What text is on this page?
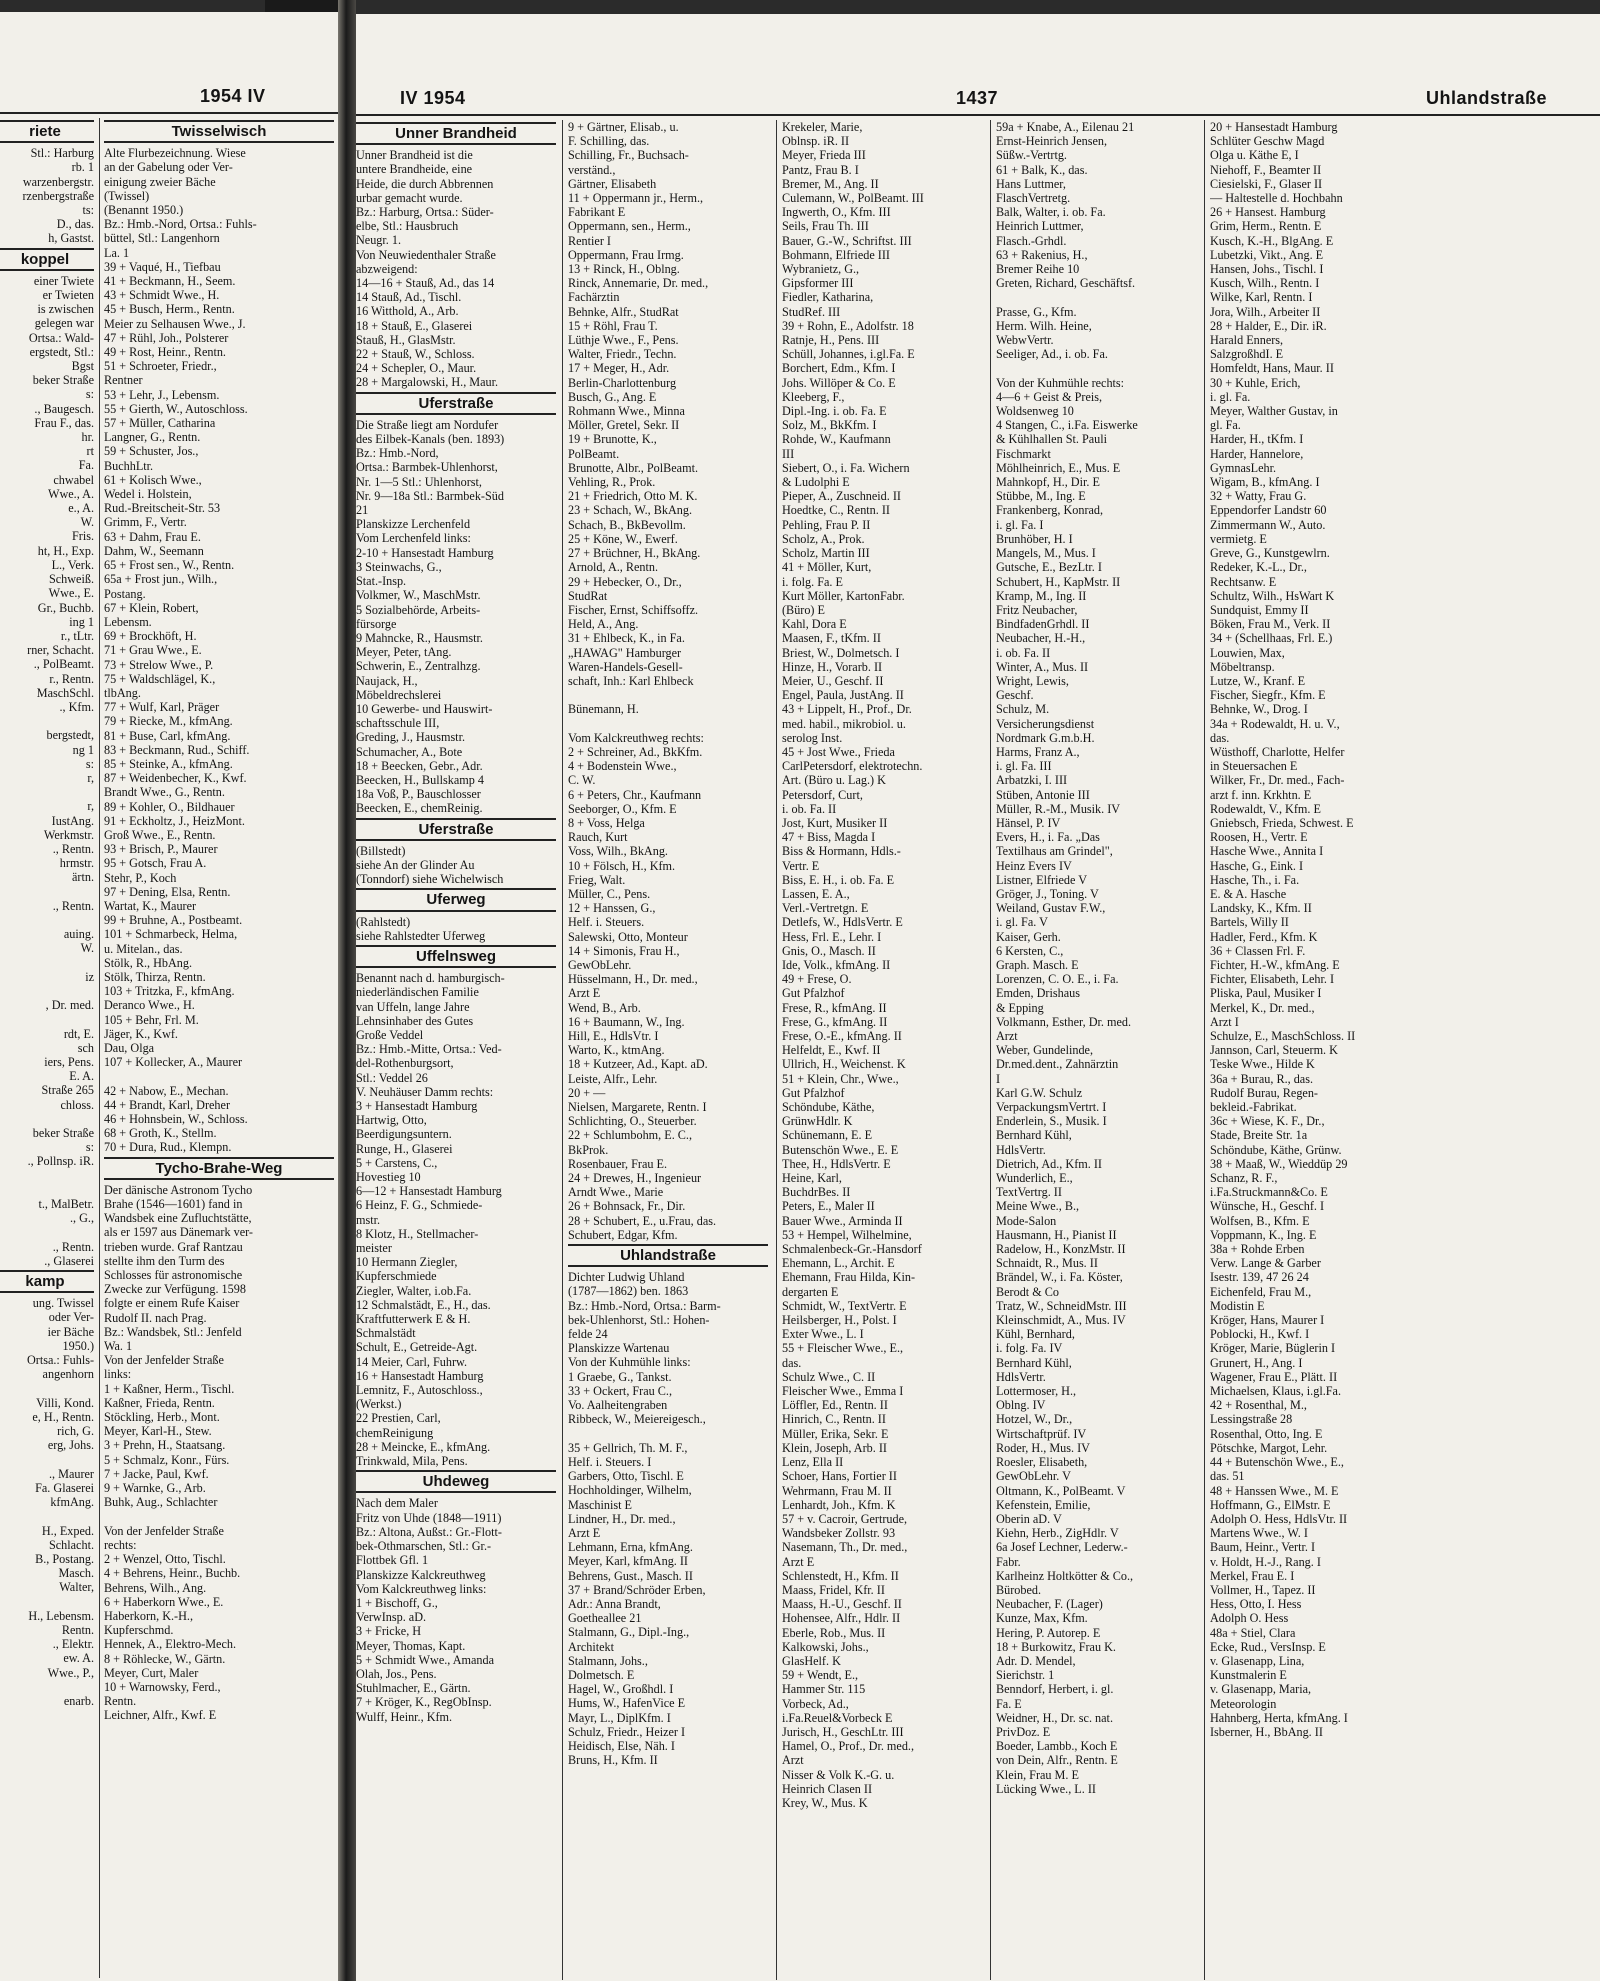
1954 IV
riete
Stl.: Harburg
rb. 1
warzenbergstr.
rzenbergstraße
ts:
D., das.
h, Gastst.
koppel
einer Twiete
er Twieten
is zwischen
gelegen war
Ortsa.: Wald-
ergstedt, Stl.:
Bgst
beker Straße
s:
., Baugesch.
Frau F., das.
hr.
rt
Fa.
chwabel
Wwe., A.
e., A.
W.
Fris.
ht, H., Exp.
L., Verk.
Schweiß.
Wwe., E.
Gr., Buchb.
ing 1
r., tLtr.
rner, Schacht.
., PolBeamt.
r., Rentn.
MaschSchl.
., Kfm.

bergstedt,
ng 1
s:
r,

r,
IustAng.
Werkmstr.
., Rentn.
hrmstr.
ärtn.

., Rentn.

auing.
W.

iz

, Dr. med.

rdt, E.
sch
iers, Pens.
E. A.
Straße 265
chloss.

beker Straße
s:
., Pollnsp. iR.

t., MalBetr.
., G.,

., Rentn.
., Glaserei
kamp
ung. Twissel
oder Ver-
ier Bäche
1950.)
Ortsa.: Fuhls-
angenhorn

Villi, Kond.
e, H., Rentn.
rich, G.
erg, Johs.

., Maurer
Fa. Glaserei
kfmAng.

H., Exped.
Schlacht.
B., Postang.
Masch.
Walter,

H., Lebensm.
Rentn.
., Elektr.
ew. A.
Wwe., P.,

enarb.
Twisselwisch
Alte Flurbezeichnung. Wiese
an der Gabelung oder Ver-
einigung zweier Bäche
(Twissel)
(Benannt 1950.)
Bz.: Hmb.-Nord, Ortsa.: Fuhls-
büttel, Stl.: Langenhorn
La. 1
39 + Vaqué, H., Tiefbau
41 + Beckmann, H., Seem.
43 + Schmidt Wwe., H.
45 + Busch, Herm., Rentn.
Meier zu Selhausen Wwe., J.
47 + Rühl, Joh., Polsterer
49 + Rost, Heinr., Rentn.
51 + Schroeter, Friedr.,
Rentner
53 + Lehr, J., Lebensm.
55 + Gierth, W., Autoschloss.
57 + Müller, Catharina
Langner, G., Rentn.
59 + Schuster, Jos.,
BuchhLtr.
61 + Kolisch Wwe.,
Wedel i. Holstein,
Rud.-Breitscheit-Str. 53
Grimm, F., Vertr.
63 + Dahm, Frau E.
Dahm, W., Seemann
65 + Frost sen., W., Rentn.
65a + Frost jun., Wilh.,
Postang.
67 + Klein, Robert,
Lebensm.
69 + Brockhöft, H.
71 + Grau Wwe., E.
73 + Strelow Wwe., P.
75 + Waldschlägel, K.,
tlbAng.
77 + Wulf, Karl, Präger
79 + Riecke, M., kfmAng.
81 + Buse, Carl, kfmAng.
83 + Beckmann, Rud., Schiff.
85 + Steinke, A., kfmAng.
87 + Weidenbecher, K., Kwf.
Brandt Wwe., G., Rentn.
89 + Kohler, O., Bildhauer
91 + Eckholtz, J., HeizMont.
Groß Wwe., E., Rentn.
93 + Brisch, P., Maurer
95 + Gotsch, Frau A.
Stehr, P., Koch
97 + Dening, Elsa, Rentn.
Wartat, K., Maurer
99 + Bruhne, A., Postbeamt.
101 + Schmarbeck, Helma,
u. Mitelan., das.
Stölk, R., HbAng.
Stölk, Thirza, Rentn.
103 + Tritzka, F., kfmAng.
Deranco Wwe., H.
105 + Behr, Frl. M.
Jäger, K., Kwf.
Dau, Olga
107 + Kollecker, A., Maurer

42 + Nabow, E., Mechan.
44 + Brandt, Karl, Dreher
46 + Hohnsbein, W., Schloss.
68 + Groth, K., Stellm.
70 + Dura, Rud., Klempn.
Tycho-Brahe-Weg
Der dänische Astronom Tycho
Brahe (1546—1601) fand in
Wandsbek eine Zufluchtstätte,
als er 1597 aus Dänemark ver-
trieben wurde. Graf Rantzau
stellte ihm den Turm des
Schlosses für astronomische
Zwecke zur Verfügung. 1598
folgte er einem Rufe Kaiser
Rudolf II. nach Prag.
Bz.: Wandsbek, Stl.: Jenfeld
Wa. 1
Von der Jenfelder Straße
links:
1 + Kaßner, Herm., Tischl.
Kaßner, Frieda, Rentn.
Stöckling, Herb., Mont.
Meyer, Karl-H., Stew.
3 + Prehn, H., Staatsang.
5 + Schmalz, Konr., Fürs.
7 + Jacke, Paul, Kwf.
9 + Warnke, G., Arb.
Buhk, Aug., Schlachter

Von der Jenfelder Straße
rechts:
2 + Wenzel, Otto, Tischl.
4 + Behrens, Heinr., Buchb.
Behrens, Wilh., Ang.
6 + Haberkorn Wwe., E.
Haberkorn, K.-H.,
Kupferschmd.
Hennek, A., Elektro-Mech.
8 + Röhlecke, W., Gärtn.
Meyer, Curt, Maler
10 + Warnowsky, Ferd.,
Rentn.
Leichner, Alfr., Kwf. E
IV 1954	1437	Uhlandstraße
Unner Brandheid
Unner Brandheid ist die
untere Brandheide, eine
Heide, die durch Abbrennen
urbar gemacht wurde.
Bz.: Harburg, Ortsa.: Süder-
elbe, Stl.: Hausbruch
Neugr. 1.
Von Neuwiedenthaler Straße
abzweigend:
14—16 + Stauß, Ad., das 14
14 Stauß, Ad., Tischl.
16 Witthold, A., Arb.
18 + Stauß, E., Glaserei
Stauß, H., GlasMstr.
22 + Stauß, W., Schloss.
24 + Schepler, O., Maur.
28 + Margalowski, H., Maur.
Uferstraße
Die Straße liegt am Nordufer
des Eilbek-Kanals (ben. 1893)
Bz.: Hmb.-Nord,
Ortsa.: Barmbek-Uhlenhorst,
Nr. 1—5 Stl.: Uhlenhorst,
Nr. 9—18a Stl.: Barmbek-Süd
21
Planskizze Lerchenfeld
Vom Lerchenfeld links:
2-10 + Hansestadt Hamburg
3 Steinwachs, G.,
Stat.-Insp.
Volkmer, W., MaschMstr.
5 Sozialbehörde, Arbeits-
fürsorge
9 Mahncke, R., Hausmstr.
Meyer, Peter, tAng.
Schwerin, E., Zentralhzg.
Naujack, H.,
Möbeldrechslerei
10 Gewerbe- und Hauswirt-
schaftsschule III,
Greding, J., Hausmstr.
Schumacher, A., Bote
18 + Beecken, Gebr., Adr.
Beecken, H., Bullskamp 4
18a Voß, P., Bauschlosser
Beecken, E., chemReinig.
Uferstraße
(Billstedt)
siehe An der Glinder Au
(Tonndorf) siehe Wichelwisch
Uferweg
(Rahlstedt)
siehe Rahlstedter Uferweg
Uffelnsweg
Benannt nach d. hamburgisch-
niederländischen Familie
van Uffeln, lange Jahre
Lehnsinhaber des Gutes
Große Veddel
Bz.: Hmb.-Mitte, Ortsa.: Ved-
del-Rothenburgsort,
Stl.: Veddel 26
V. Neuhäuser Damm rechts:
3 + Hansestadt Hamburg
Hartwig, Otto,
Beerdigungsuntern.
Runge, H., Glaserei
5 + Carstens, C.,
Hovestieg 10
6—12 + Hansestadt Hamburg
6 Heinz, F. G., Schmiede-
mstr.
8 Klotz, H., Stellmacher-
meister
10 Hermann Ziegler,
Kupferschmiede
Ziegler, Walter, i.ob.Fa.
12 Schmalstädt, E., H., das.
Kraftfutterwerk E & H.
Schmalstädt
Schult, E., Getreide-Agt.
14 Meier, Carl, Fuhrw.
16 + Hansestadt Hamburg
Lemnitz, F., Autoschloss.,
(Werkst.)
22 Prestien, Carl,
chemReinigung
28 + Meincke, E., kfmAng.
Trinkwald, Mila, Pens.
Uhdeweg
Nach dem Maler
Fritz von Uhde (1848—1911)
Bz.: Altona, Außst.: Gr.-Flott-
bek-Othmarschen, Stl.: Gr.-
Flottbek Gfl. 1
Planskizze Kalckreuthweg
Vom Kalckreuthweg links:
1 + Bischoff, G.,
VerwInsp. aD.
3 + Fricke, H
Meyer, Thomas, Kapt.
5 + Schmidt Wwe., Amanda
Olah, Jos., Pens.
Stuhlmacher, E., Gärtn.
7 + Kröger, K., RegObInsp.
Wulff, Heinr., Kfm.
9 + Gärtner, Elisab., u.
F. Schilling, das.
Schilling, Fr., Buchsach-
verständ.,
Gärtner, Elisabeth
11 + Oppermann jr., Herm.,
Fabrikant E
Oppermann, sen., Herm.,
Rentier I
Oppermann, Frau Irmg.
13 + Rinck, H., Oblng.
Rinck, Annemarie, Dr. med.,
Fachärztin
Behnke, Alfr., StudRat
15 + Röhl, Frau T.
Lüthje Wwe., F., Pens.
Walter, Friedr., Techn.
17 + Meger, H., Adr.
Berlin-Charlottenburg
Busch, G., Ang. E
Rohmann Wwe., Minna
Möller, Gretel, Sekr. II
19 + Brunotte, K.,
PolBeamt.
Brunotte, Albr., PolBeamt.
Vehling, R., Prok.
21 + Friedrich, Otto M. K.
23 + Schach, W., BkAng.
Schach, B., BkBevollm.
25 + Köne, W., Ewerf.
27 + Brüchner, H., BkAng.
Arnold, A., Rentn.
29 + Hebecker, O., Dr.,
StudRat
Fischer, Ernst, Schiffsoffz.
Held, A., Ang.
31 + Ehlbeck, K., in Fa.
„HAWAG" Hamburger
Waren-Handels-Gesell-
schaft, Inh.: Karl Ehlbeck

Bünemann, H.

Vom Kalckreuthweg rechts:
2 + Schreiner, Ad., BkKfm.
4 + Bodenstein Wwe.,
C. W.
6 + Peters, Chr., Kaufmann
Seeborger, O., Kfm. E
8 + Voss, Helga
Rauch, Kurt
Voss, Wilh., BkAng.
10 + Fölsch, H., Kfm.
Frieg, Walt.
Müller, C., Pens.
12 + Hanssen, G.,
Helf. i. Steuers.
Salewski, Otto, Monteur
14 + Simonis, Frau H.,
GewObLehr.
Hüsselmann, H., Dr. med.,
Arzt E
Wend, B., Arb.
16 + Baumann, W., Ing.
Hill, E., HdlsVtr. I
Warto, K., ktmAng.
18 + Kutzeer, Ad., Kapt. aD.
Leiste, Alfr., Lehr.
20 + —
Nielsen, Margarete, Rentn. I
Schlichting, O., Steuerber.
22 + Schlumbohm, E. C.,
BkProk.
Rosenbauer, Frau E.
24 + Drewes, H., Ingenieur
Arndt Wwe., Marie
26 + Bohnsack, Fr., Dir.
28 + Schubert, E., u.Frau, das.
Schubert, Edgar, Kfm.
Uhlandstraße
Dichter Ludwig Uhland
(1787—1862) ben. 1863
Bz.: Hmb.-Nord, Ortsa.: Barm-
bek-Uhlenhorst, Stl.: Hohen-
felde 24
Planskizze Wartenau
Von der Kuhmühle links:
1 Graebe, G., Tankst.
33 + Ockert, Frau C.,
Vo. Aalheitengraben
Ribbeck, W., Meiereigesch.,

35 + Gellrich, Th. M. F.,
Helf. i. Steuers. I
Garbers, Otto, Tischl. E
Hochholdinger, Wilhelm,
Maschinist E
Lindner, H., Dr. med.,
Arzt E
Lehmann, Erna, kfmAng.
Meyer, Karl, kfmAng. II
Behrens, Gust., Masch. II
37 + Brand/Schröder Erben,
Adr.: Anna Brandt,
Goetheallee 21
Stalmann, G., Dipl.-Ing.,
Architekt
Stalmann, Johs.,
Dolmetsch. E
Hagel, W., Großhdl. I
Hums, W., HafenVice E
Mayr, L., DiplKfm. I
Schulz, Friedr., Heizer I
Heidisch, Else, Näh. I
Bruns, H., Kfm. II
Krekeler, Marie,
Oblnsp. iR. II
Meyer, Frieda III
Pantz, Frau B. I
Bremer, M., Ang. II
Culemann, W., PolBeamt. III
Ingwerth, O., Kfm. III
Seils, Frau Th. III
Bauer, G.-W., Schriftst. III
Bohmann, Elfriede III
Wybranietz, G.,
Gipsformer III
Fiedler, Katharina,
StudRef. III
39 + Rohn, E., Adolfstr. 18
Ratnje, H., Pens. III
Schüll, Johannes, i.gl.Fa. E
Borchert, Edm., Kfm. I
Johs. Willöper & Co. E
Kleeberg, F.,
Dipl.-Ing. i. ob. Fa. E
Solz, M., BkKfm. I
Rohde, W., Kaufmann
III
Siebert, O., i. Fa. Wichern
& Ludolphi E
Pieper, A., Zuschneid. II
Hoedtke, C., Rentn. II
Pehling, Frau P. II
Scholz, A., Prok.
Scholz, Martin III
41 + Möller, Kurt,
i. folg. Fa. E
Kurt Möller, KartonFabr.
(Büro) E
Kahl, Dora E
Maasen, F., tKfm. II
Briest, W., Dolmetsch. I
Hinze, H., Vorarb. II
Meier, U., Geschf. II
Engel, Paula, JustAng. II
43 + Lippelt, H., Prof., Dr.
med. habil., mikrobiol. u.
serolog Inst.
45 + Jost Wwe., Frieda
CarlPetersdorf, elektrotechn.
Art. (Büro u. Lag.) K
Petersdorf, Curt,
i. ob. Fa. II
Jost, Kurt, Musiker II
47 + Biss, Magda I
Biss & Hormann, Hdls.-
Vertr. E
Biss, E. H., i. ob. Fa. E
Lassen, E. A.,
Verl.-Vertretgn. E
Detlefs, W., HdlsVertr. E
Hess, Frl. E., Lehr. I
Gnis, O., Masch. II
Ide, Volk., kfmAng. II
49 + Frese, O.
Gut Pfalzhof
Frese, R., kfmAng. II
Frese, G., kfmAng. II
Frese, O.-E., kfmAng. II
Helfeldt, E., Kwf. II
Ullrich, H., Weichenst. K
51 + Klein, Chr., Wwe.,
Gut Pfalzhof
Schöndube, Käthe,
GrünwHdlr. K
Schünemann, E. E
Butenschön Wwe., E. E
Thee, H., HdlsVertr. E
Heine, Karl,
BuchdrBes. II
Peters, E., Maler II
Bauer Wwe., Arminda II
53 + Hempel, Wilhelmine,
Schmalenbeck-Gr.-Hansdorf
Ehemann, L., Archit. E
Ehemann, Frau Hilda, Kin-
dergarten E
Schmidt, W., TextVertr. E
Heilsberger, H., Polst. I
Exter Wwe., L. I
55 + Fleischer Wwe., E.,
das.
Schulz Wwe., C. II
Fleischer Wwe., Emma I
Löffler, Ed., Rentn. II
Hinrich, C., Rentn. II
Müller, Erika, Sekr. E
Klein, Joseph, Arb. II
Lenz, Ella II
Schoer, Hans, Fortier II
Wehrmann, Frau M. II
Lenhardt, Joh., Kfm. K
57 + v. Cacroir, Gertrude,
Wandsbeker Zollstr. 93
Nasemann, Th., Dr. med.,
Arzt E
Schlenstedt, H., Kfm. II
Maass, Fridel, Kfr. II
Maass, H.-U., Geschf. II
Hohensee, Alfr., Hdlr. II
Eberle, Rob., Mus. II
Kalkowski, Johs.,
GlasHelf. K
59 + Wendt, E.,
Hammer Str. 115
Vorbeck, Ad.,
i.Fa.Reuel&Vorbeck E
Jurisch, H., GeschLtr. III
Hamel, O., Prof., Dr. med.,
Arzt
Nisser & Volk K.-G. u.
Heinrich Clasen II
Krey, W., Mus. K
59a + Knabe, A., Eilenau 21
Ernst-Heinrich Jensen,
Süßw.-Vertrtg.
61 + Balk, K., das.
Hans Luttmer,
FlaschVertretg.
Balk, Walter, i. ob. Fa.
Heinrich Luttmer,
Flasch.-Grhdl.
63 + Rakenius, H.,
Bremer Reihe 10
Greten, Richard, Geschäftsf.

Prasse, G., Kfm.
Herm. Wilh. Heine,
WebwVertr.
Seeliger, Ad., i. ob. Fa.

Von der Kuhmühle rechts:
4—6 + Geist & Preis,
Woldsenweg 10
4 Stangen, C., i.Fa. Eiswerke
& Kühlhallen St. Pauli
Fischmarkt
Möhlheinrich, E., Mus. E
Mahnkopf, H., Dir. E
Stübbe, M., Ing. E
Frankenberg, Konrad,
i. gl. Fa. I
Brunhöber, H. I
Mangels, M., Mus. I
Gutsche, E., BezLtr. I
Schubert, H., KapMstr. II
Kramp, M., Ing. II
Fritz Neubacher,
BindfadenGrhdl. II
Neubacher, H.-H.,
i. ob. Fa. II
Winter, A., Mus. II
Wright, Lewis,
Geschf.
Schulz, M.
Versicherungsdienst
Nordmark G.m.b.H.
Harms, Franz A.,
i. gl. Fa. III
Arbatzki, I. III
Stüben, Antonie III
Müller, R.-M., Musik. IV
Hänsel, P. IV
Evers, H., i. Fa. „Das
Textilhaus am Grindel",
Heinz Evers IV
Listner, Elfriede V
Gröger, J., Toning. V
Weiland, Gustav F.W.,
i. gl. Fa. V
Kaiser, Gerh.
6 Kersten, C.,
Graph. Masch. E
Lorenzen, C. O. E., i. Fa.
Emden, Drishaus
& Epping
Volkmann, Esther, Dr. med.
Arzt
Weber, Gundelinde,
Dr.med.dent., Zahnärztin
I
Karl G.W. Schulz
VerpackungsmVertrt. I
Enderlein, S., Musik. I
Bernhard Kühl,
HdlsVertr.
Dietrich, Ad., Kfm. II
Wunderlich, E.,
TextVertrg. II
Meine Wwe., B.,
Mode-Salon
Hausmann, H., Pianist II
Radelow, H., KonzMstr. II
Schnaidt, R., Mus. II
Brändel, W., i. Fa. Köster,
Berodt & Co
Tratz, W., SchneidMstr. III
Kleinschmidt, A., Mus. IV
Kühl, Bernhard,
i. folg. Fa. IV
Bernhard Kühl,
HdlsVertr.
Lottermoser, H.,
Oblng. IV
Hotzel, W., Dr.,
Wirtschaftprüf. IV
Roder, H., Mus. IV
Roesler, Elisabeth,
GewObLehr. V
Oltmann, K., PolBeamt. V
Kefenstein, Emilie,
Oberin aD. V
Kiehn, Herb., ZigHdlr. V
6a Josef Lechner, Lederw.-
Fabr.
Karlheinz Holtkötter & Co.,
Bürobed.
Neubacher, F. (Lager)
Kunze, Max, Kfm.
Hering, P. Autorep. E
18 + Burkowitz, Frau K.
Adr. D. Mendel,
Sierichstr. 1
Benndorf, Herbert, i. gl.
Fa. E
Weidner, H., Dr. sc. nat.
PrivDoz. E
Boeder, Lambb., Koch E
von Dein, Alfr., Rentn. E
Klein, Frau M. E
Lücking Wwe., L. II
20 + Hansestadt Hamburg
Schlüter Geschw Magd
Olga u. Käthe E, I
Niehoff, F., Beamter II
Ciesielski, F., Glaser II
— Haltestelle d. Hochbahn
26 + Hansest. Hamburg
Grim, Herm., Rentn. E
Kusch, K.-H., BlgAng. E
Lubetzki, Vikt., Ang. E
Hansen, Johs., Tischl. I
Kusch, Wilh., Rentn. I
Wilke, Karl, Rentn. I
Jora, Wilh., Arbeiter II
28 + Halder, E., Dir. iR.
Harald Enners,
SalzgroßhdI. E
Homfeldt, Hans, Maur. II
30 + Kuhle, Erich,
i. gl. Fa.
Meyer, Walther Gustav, in
gl. Fa.
Harder, H., tKfm. I
Harder, Hannelore,
GymnasLehr.
Wigam, B., kfmAng. I
32 + Watty, Frau G.
Eppendorfer Landstr 60
Zimmermann W., Auto.
vermietg. E
Greve, G., Kunstgewlrn.
Redeker, K.-L., Dr.,
Rechtsanw. E
Schultz, Wilh., HsWart K
Sundquist, Emmy II
Böken, Frau M., Verk. II
34 + (Schellhaas, Frl. E.)
Louwien, Max,
Möbeltransp.
Lutze, W., Kranf. E
Fischer, Siegfr., Kfm. E
Behnke, W., Drog. I
34a + Rodewaldt, H. u. V.,
das.
Wüsthoff, Charlotte, Helfer
in Steuersachen E
Wilker, Fr., Dr. med., Fach-
arzt f. inn. Krkhtn. E
Rodewaldt, V., Kfm. E
Gniebsch, Frieda, Schwest. E
Roosen, H., Vertr. E
Hasche Wwe., Annita I
Hasche, G., Eink. I
Hasche, Th., i. Fa.
E. & A. Hasche
Landsky, K., Kfm. II
Bartels, Willy II
Hadler, Ferd., Kfm. K
36 + Classen Frl. F.
Fichter, H.-W., kfmAng. E
Fichter, Elisabeth, Lehr. I
Pliska, Paul, Musiker I
Merkel, K., Dr. med.,
Arzt I
Schulze, E., MaschSchloss. II
Jannson, Carl, Steuerm. K
Teske Wwe., Hilde K
36a + Burau, R., das.
Rudolf Burau, Regen-
bekleid.-Fabrikat.
36c + Wiese, K. F., Dr.,
Stade, Breite Str. 1a
Schöndube, Käthe, Grünw.
38 + Maaß, W., Wieddüp 29
Schanz, R. F.,
i.Fa.Struckmann&Co. E
Wünsche, H., Geschf. I
Wolfsen, B., Kfm. E
Voppmann, K., Ing. E
38a + Rohde Erben
Verw. Lange & Garber
Isestr. 139, 47 26 24
Eichenfeld, Frau M.,
Modistin E
Kröger, Hans, Maurer I
Poblocki, H., Kwf. I
Kröger, Marie, Büglerin I
Grunert, H., Ang. I
Wagener, Frau E., Plätt. II
Michaelsen, Klaus, i.gl.Fa.
42 + Rosenthal, M.,
Lessingstraße 28
Rosenthal, Otto, Ing. E
Pötschke, Margot, Lehr.
44 + Butenschön Wwe., E.,
das. 51
48 + Hanssen Wwe., M. E
Hoffmann, G., ElMstr. E
Adolph O. Hess, HdlsVtr. II
Martens Wwe., W. I
Baum, Heinr., Vertr. I
v. Holdt, H.-J., Rang. I
Merkel, Frau E. I
Vollmer, H., Tapez. II
Hess, Otto, I. Hess
Adolph O. Hess
48a + Stiel, Clara
Ecke, Rud., VersInsp. E
v. Glasenapp, Lina,
Kunstmalerin E
v. Glasenapp, Maria,
Meteorologin
Hahnberg, Herta, kfmAng. I
Isberner, H., BbAng. II
